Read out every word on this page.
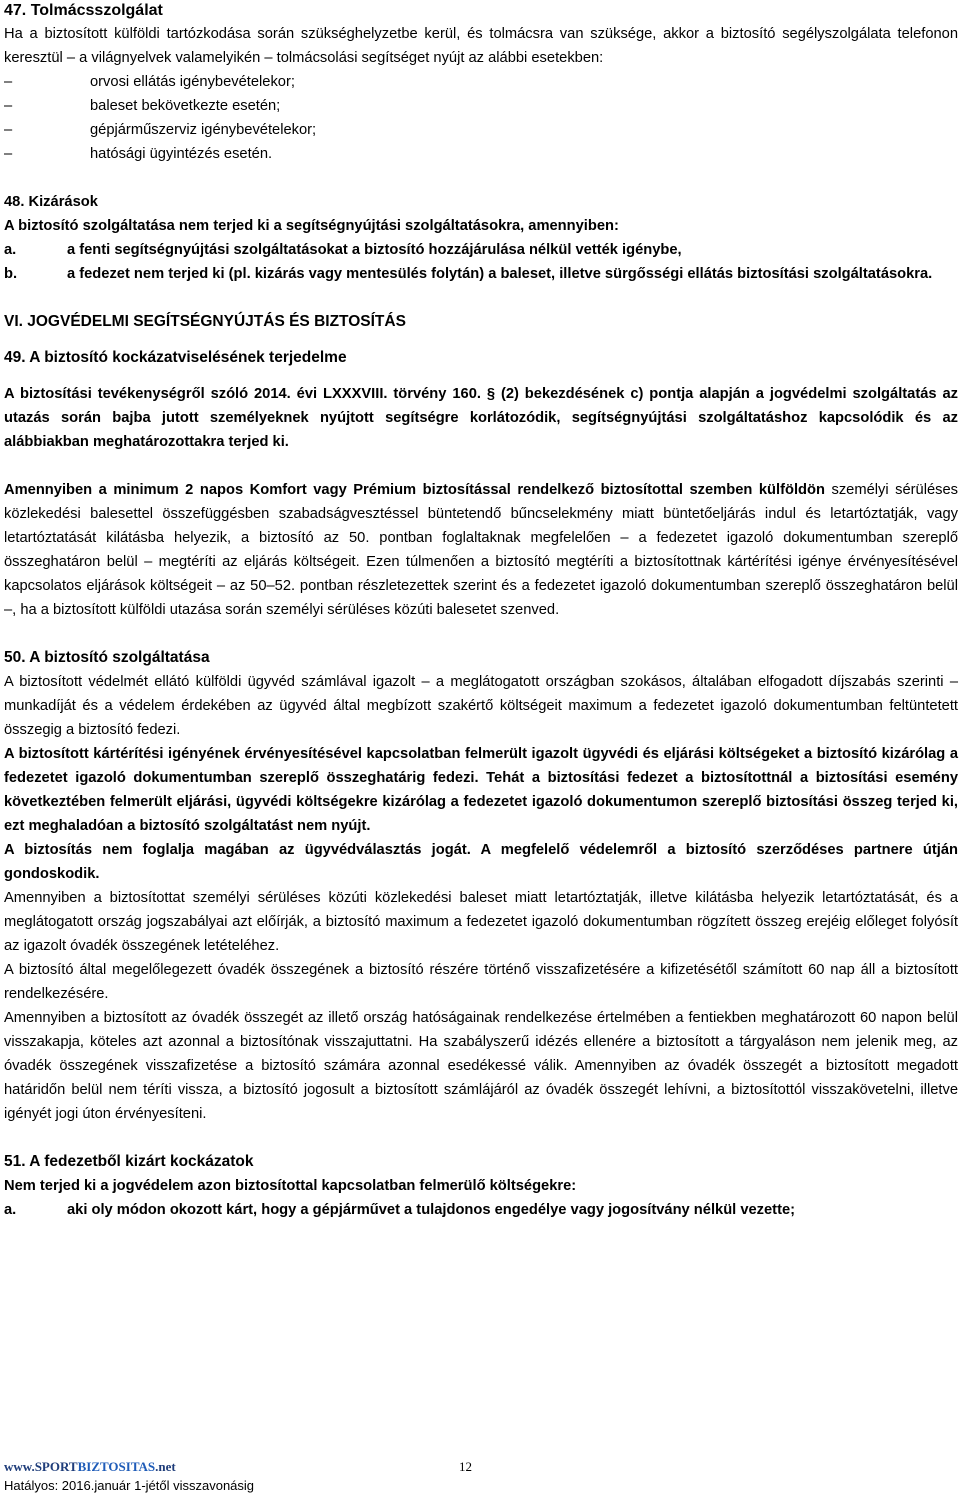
47. Tolmácsszolgálat

Ha a biztosított külföldi tartózkodása során szükséghelyzetbe kerül, és tolmácsra van szüksége, akkor a biztosító segélyszolgálata telefonon keresztül – a világnyelvek valamelyikén – tolmácsolási segítséget nyújt az alábbi esetekben:

–	orvosi ellátás igénybevételekor;
–	baleset bekövetkezte esetén;
–	gépjárműszerviz igénybevételekor;
–	hatósági ügyintézés esetén.

48. Kizárások

A biztosító szolgáltatása nem terjed ki a segítségnyújtási szolgáltatásokra, amennyiben:

a.	a fenti segítségnyújtási szolgáltatásokat a biztosító hozzájárulása nélkül vették igénybe,

b.	a fedezet nem terjed ki (pl. kizárás vagy mentesülés folytán) a baleset, illetve sürgősségi ellátás biztosítási szolgáltatásokra.

VI. JOGVÉDELMI SEGÍTSÉGNYÚJTÁS ÉS BIZTOSÍTÁS

49. A biztosító kockázatviselésének terjedelme

A biztosítási tevékenységről szóló 2014. évi LXXXVIII. törvény 160. § (2) bekezdésének c) pontja alapján a jogvédelmi szolgáltatás az utazás során bajba jutott személyeknek nyújtott segítségre korlátozódik, segítségnyújtási szolgáltatáshoz kapcsolódik és az alábbiakban meghatározottakra terjed ki.

Amennyiben a minimum 2 napos Komfort vagy Prémium biztosítással rendelkező biztosítottal szemben külföldön személyi sérüléses közlekedési balesettel összefüggésben szabadságvesztéssel büntetendő bűncselekmény miatt büntetőeljárás indul és letartóztatják, vagy letartóztatását kilátásba helyezik, a biztosító az 50. pontban foglaltaknak megfelelően – a fedezetet igazoló dokumentumban szereplő összeghatáron belül – megtéríti az eljárás költségeit. Ezen túlmenően a biztosító megtéríti a biztosítottnak kártérítési igénye érvényesítésével kapcsolatos eljárások költségeit – az 50–52. pontban részletezettek szerint és a fedezetet igazoló dokumentumban szereplő összeghatáron belül –, ha a biztosított külföldi utazása során személyi sérüléses közúti balesetet szenved.

50. A biztosító szolgáltatása

A biztosított védelmét ellátó külföldi ügyvéd számlával igazolt – a meglátogatott országban szokásos, általában elfogadott díjszabás szerinti – munkadíját és a védelem érdekében az ügyvéd által megbízott szakértő költségeit maximum a fedezetet igazoló dokumentumban feltüntetett összegig a biztosító fedezi.

A biztosított kártérítési igényének érvényesítésével kapcsolatban felmerült igazolt ügyvédi és eljárási költségeket a biztosító kizárólag a fedezetet igazoló dokumentumban szereplő összeghatárig fedezi. Tehát a biztosítási fedezet a biztosítottnál a biztosítási esemény következtében felmerült eljárási, ügyvédi költségekre kizárólag a fedezetet igazoló dokumentumon szereplő biztosítási összeg terjed ki, ezt meghaladóan a biztosító szolgáltatást nem nyújt.

A biztosítás nem foglalja magában az ügyvédválasztás jogát. A megfelelő védelemről a biztosító szerződéses partnere útján gondoskodik.

Amennyiben a biztosítottat személyi sérüléses közúti közlekedési baleset miatt letartóztatják, illetve kilátásba helyezik letartóztatását, és a meglátogatott ország jogszabályai azt előírják, a biztosító maximum a fedezetet igazoló dokumentumban rögzített összeg erejéig előleget folyósít az igazolt óvadék összegének letételéhez.

A biztosító által megelőlegezett óvadék összegének a biztosító részére történő visszafizetésére a kifizetésétől számított 60 nap áll a biztosított rendelkezésére.

Amennyiben a biztosított az óvadék összegét az illető ország hatóságainak rendelkezése értelmében a fentiekben meghatározott 60 napon belül visszakapja, köteles azt azonnal a biztosítónak visszajuttatni. Ha szabályszerű idézés ellenére a biztosított a tárgyaláson nem jelenik meg, az óvadék összegének visszafizetése a biztosító számára azonnal esedékessé válik. Amennyiben az óvadék összegét a biztosított megadott határidőn belül nem téríti vissza, a biztosító jogosult a biztosított számlájáról az óvadék összegét lehívni, a biztosítottól visszakövetelni, illetve igényét jogi úton érvényesíteni.

51. A fedezetből kizárt kockázatok

Nem terjed ki a jogvédelem azon biztosítottal kapcsolatban felmerülő költségekre:

a.	aki oly módon okozott kárt, hogy a gépjárművet a tulajdonos engedélye vagy jogosítvány nélkül vezette;

www.SPORTBIZTOSITAS.net	12
Hatályos: 2016.január 1-jétől visszavonásig
